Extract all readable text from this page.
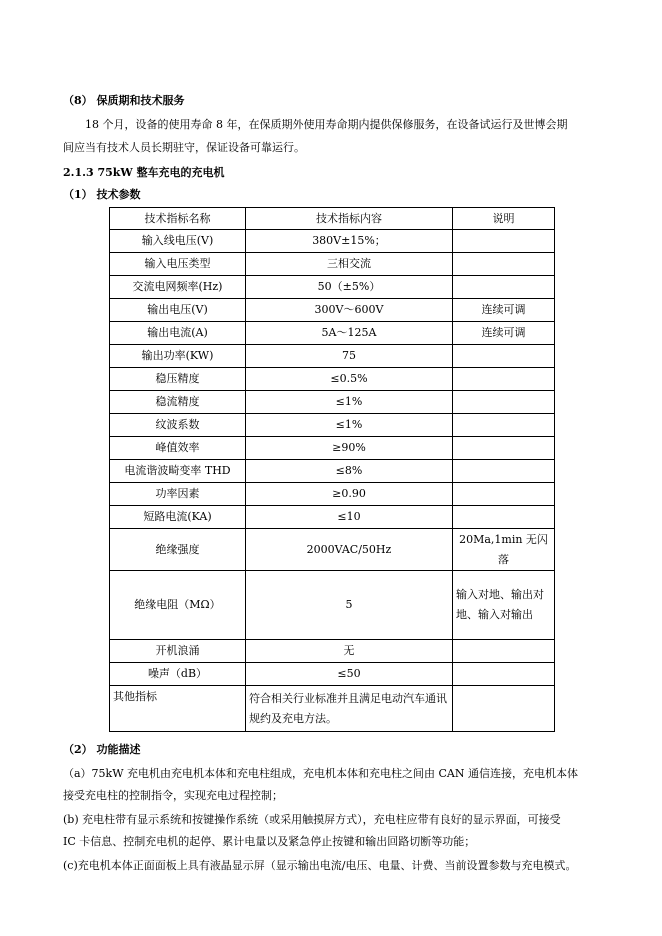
（8） 保质期和技术服务
18 个月，设备的使用寿命 8 年，在保质期外使用寿命期内提供保修服务，在设备试运行及世博会期
间应当有技术人员长期驻守，保证设备可靠运行。
2.1.3 75kW 整车充电的充电机
（1） 技术参数
技术指标名称	技术指标内容	说明
输入线电压(V)	380V±15%；	
输入电压类型	三相交流	
交流电网频率(Hz)	50（±5%）	
输出电压(V)	300V～600V	连续可调
输出电流(A)	5A～125A	连续可调
输出功率(KW)	75	
稳压精度	≤0.5%	
稳流精度	≤1%	
纹波系数	≤1%	
峰值效率	≥90%	
电流谐波畸变率 THD	≤8%	
功率因素	≥0.90	
短路电流(KA)	≤10	
绝缘强度	2000VAC/50Hz	20Ma,1min 无闪落
绝缘电阻（MΩ）	5	输入对地、输出对地、输入对输出
开机浪涌	无	
噪声（dB）	≤50	
其他指标	符合相关行业标准并且满足电动汽车通讯规约及充电方法。	
（2） 功能描述
（a）75kW 充电机由充电机本体和充电柱组成，充电机本体和充电柱之间由 CAN 通信连接，充电机本体
接受充电柱的控制指令，实现充电过程控制；
(b) 充电柱带有显示系统和按键操作系统（或采用触摸屏方式），充电柱应带有良好的显示界面，可接受
IC 卡信息、控制充电机的起停、累计电量以及紧急停止按键和输出回路切断等功能；
(c)充电机本体正面面板上具有液晶显示屏（显示输出电流/电压、电量、计费、当前设置参数与充电模式。
